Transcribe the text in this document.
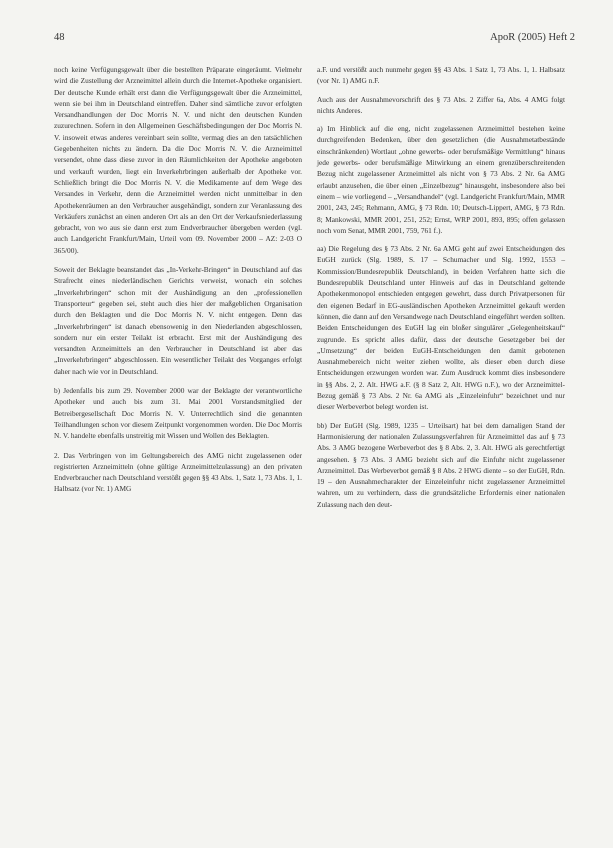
48	ApoR (2005) Heft 2

noch keine Verfügungsgewalt über die bestellten Präparate eingeräumt. Vielmehr wird die Zustellung der Arzneimittel allein durch die Internet-Apotheke organisiert. Der deutsche Kunde erhält erst dann die Verfügungsgewalt über die Arzneimittel, wenn sie bei ihm in Deutschland eintreffen. Daher sind sämtliche zuvor erfolgten Versandhandlungen der Doc Morris N. V. und nicht den deutschen Kunden zuzurechnen. Sofern in den Allgemeinen Geschäftsbedingungen der Doc Morris N. V. insoweit etwas anderes vereinbart sein sollte, vermag dies an den tatsächlichen Gegebenheiten nichts zu ändern. Da die Doc Morris N. V. die Arzneimittel versendet, ohne dass diese zuvor in den Räumlichkeiten der Apotheke angeboten und verkauft wurden, liegt ein Inverkehrbringen außerhalb der Apotheke vor. Schließlich bringt die Doc Morris N. V. die Medikamente auf dem Wege des Versandes in Verkehr, denn die Arzneimittel werden nicht unmittelbar in den Apothekenräumen an den Verbraucher ausgehändigt, sondern zur Veranlassung des Verkäufers zunächst an einen anderen Ort als an den Ort der Verkaufsniederlassung gebracht, von wo aus sie dann erst zum Endverbraucher übergeben werden (vgl. auch Landgericht Frankfurt/Main, Urteil vom 09. November 2000 – AZ: 2-03 O 365/00).

Soweit der Beklagte beanstandet das „In-Verkehr-Bringen“ in Deutschland auf das Strafrecht eines niederländischen Gerichts verweist, wonach ein solches „Inverkehrbringen“ schon mit der Aushändigung an den „professionellen Transporteur“ gegeben sei, steht auch dies hier der maßgeblichen Organisation durch den Beklagten und die Doc Morris N. V. nicht entgegen. Denn das „Inverkehrbringen“ ist danach ebensowenig in den Niederlanden abgeschlossen, sondern nur ein erster Teilakt ist erbracht. Erst mit der Aushändigung des versandten Arzneimittels an den Verbraucher in Deutschland ist aber das „Inverkehrbringen“ abgeschlossen. Ein wesentlicher Teilakt des Vorganges erfolgt daher nach wie vor in Deutschland.

b) Jedenfalls bis zum 29. November 2000 war der Beklagte der verantwortliche Apotheker und auch bis zum 31. Mai 2001 Vorstandsmitglied der Betreibergesellschaft Doc Morris N. V. Unterrechtlich sind die genannten Teilhandlungen schon vor diesem Zeitpunkt vorgenommen worden. Die Doc Morris N. V. handelte ebenfalls unstreitig mit Wissen und Wollen des Beklagten.

2. Das Verbringen von im Geltungsbereich des AMG nicht zugelassenen oder registrierten Arzneimitteln (ohne gültige Arzneimittelzulassung) an den privaten Endverbraucher nach Deutschland verstößt gegen §§ 43 Abs. 1, Satz 1, 73 Abs. 1, 1. Halbsatz (vor Nr. 1) AMG

a.F. und verstößt auch nunmehr gegen §§ 43 Abs. 1 Satz 1, 73 Abs. 1, 1. Halbsatz (vor Nr. 1) AMG n.F.

Auch aus der Ausnahmevorschrift des § 73 Abs. 2 Ziffer 6a, Abs. 4 AMG folgt nichts Anderes.

a) Im Hinblick auf die eng, nicht zugelassenen Arzneimittel bestehen keine durchgreifenden Bedenken, über den gesetzlichen (die Ausnahmetatbestände einschränkenden) Wortlaut „ohne gewerbs- oder berufsmäßige Vermittlung“ hinaus jede gewerbs- oder berufsmäßige Mitwirkung an einem grenzüberschreitenden Bezug nicht zugelassener Arzneimittel als nicht von § 73 Abs. 2 Nr. 6a AMG erlaubt anzusehen, die über einen „Einzelbezug“ hinausgeht, insbesondere also bei einem – wie vorliegend – „Versandhandel“ (vgl. Landgericht Frankfurt/Main, MMR 2001, 243, 245; Rehmann, AMG, § 73 Rdn. 10; Deutsch-Lippert, AMG, § 73 Rdn. 8; Mankowski, MMR 2001, 251, 252; Ernst, WRP 2001, 893, 895; offen gelassen noch vom Senat, MMR 2001, 759, 761 f.).

aa) Die Regelung des § 73 Abs. 2 Nr. 6a AMG geht auf zwei Entscheidungen des EuGH zurück (Slg. 1989, S. 17 – Schumacher und Slg. 1992, 1553 – Kommission/Bundesrepublik Deutschland), in beiden Verfahren hatte sich die Bundesrepublik Deutschland unter Hinweis auf das in Deutschland geltende Apothekenmonopol entschieden entgegen gewehrt, dass durch Privatpersonen für den eigenen Bedarf in EG-ausländischen Apotheken Arzneimittel gekauft werden können, die dann auf den Versandwege nach Deutschland eingeführt werden sollten. Beiden Entscheidungen des EuGH lag ein bloßer singulärer „Gelegenheitskauf“ zugrunde. Es spricht alles dafür, dass der deutsche Gesetzgeber bei der „Umsetzung“ der beiden EuGH-Entscheidungen den damit gebotenen Ausnahmebereich nicht weiter ziehen wollte, als dieser eben durch diese Entscheidungen erzwungen worden war. Zum Ausdruck kommt dies insbesondere in §§ Abs. 2, 2. Alt. HWG a.F. (§ 8 Satz 2, Alt. HWG n.F.), wo der Arzneimittel-Bezug gemäß § 73 Abs. 2 Nr. 6a AMG als „Einzeleinfuhr“ bezeichnet und nur dieser Werbeverbot belegt worden ist.

bb) Der EuGH (Slg. 1989, 1235 – Urteilsart) hat bei dem damaligen Stand der Harmonisierung der nationalen Zulassungsverfahren für Arzneimittel das auf § 73 Abs. 3 AMG bezogene Werbeverbot des § 8 Abs. 2, 3. Alt. HWG als gerechtfertigt angesehen. § 73 Abs. 3 AMG bezieht sich auf die Einfuhr nicht zugelassener Arzneimittel. Das Werbeverbot gemäß § 8 Abs. 2 HWG diente – so der EuGH, Rdn. 19 – den Ausnahmecharakter der Einzeleinfuhr nicht zugelassener Arzneimittel wahren, um zu verhindern, dass die grundsätzliche Erfordernis einer nationalen Zulassung nach den deut-
